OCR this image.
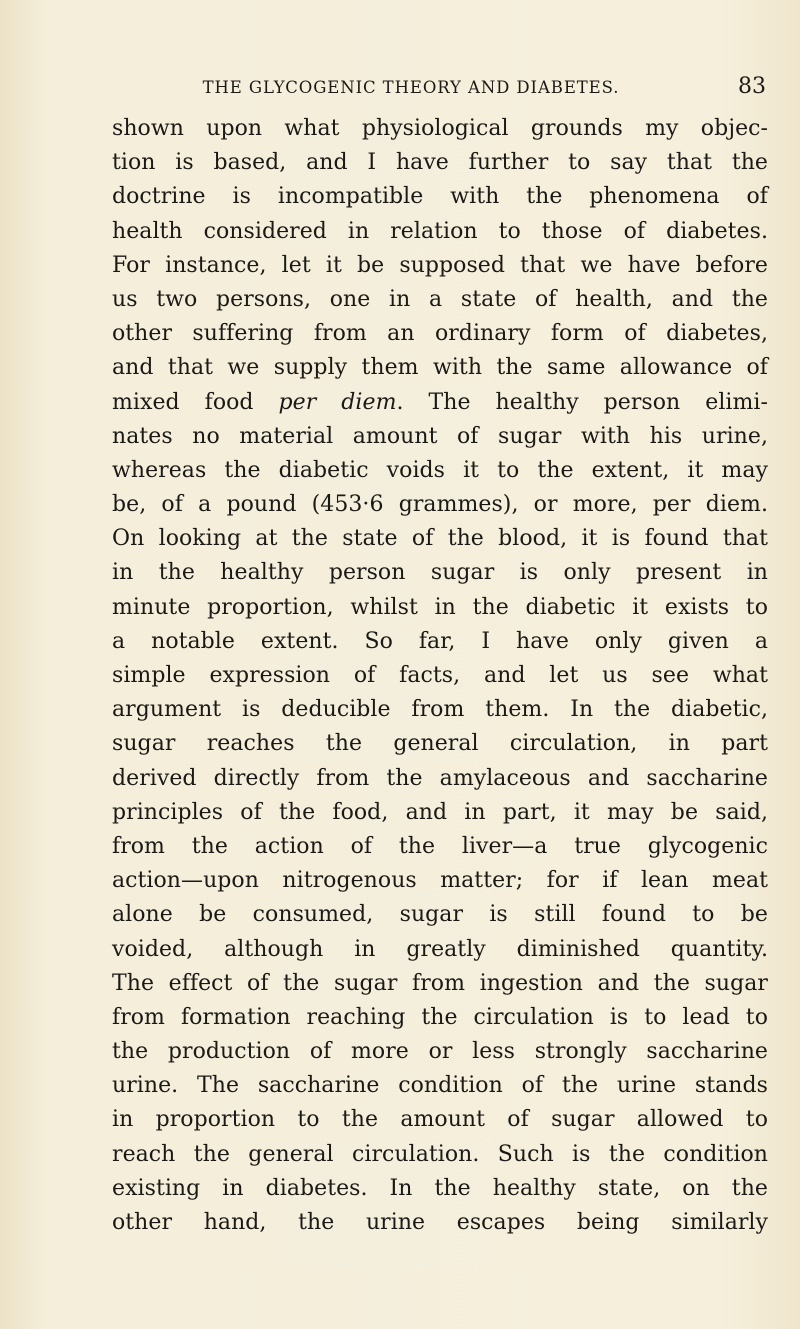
THE GLYCOGENIC THEORY AND DIABETES.	83
shown upon what physiological grounds my objec-
tion is based, and I have further to say that the
doctrine is incompatible with the phenomena of
health considered in relation to those of diabetes.
For instance, let it be supposed that we have before
us two persons, one in a state of health, and the
other suffering from an ordinary form of diabetes,
and that we supply them with the same allowance of
mixed food per diem. The healthy person elimi-
nates no material amount of sugar with his urine,
whereas the diabetic voids it to the extent, it may
be, of a pound (453·6 grammes), or more, per diem.
On looking at the state of the blood, it is found that
in the healthy person sugar is only present in
minute proportion, whilst in the diabetic it exists to
a notable extent. So far, I have only given a
simple expression of facts, and let us see what
argument is deducible from them. In the diabetic,
sugar reaches the general circulation, in part
derived directly from the amylaceous and saccharine
principles of the food, and in part, it may be said,
from the action of the liver—a true glycogenic
action—upon nitrogenous matter; for if lean meat
alone be consumed, sugar is still found to be
voided, although in greatly diminished quantity.
The effect of the sugar from ingestion and the sugar
from formation reaching the circulation is to lead to
the production of more or less strongly saccharine
urine. The saccharine condition of the urine stands
in proportion to the amount of sugar allowed to
reach the general circulation. Such is the condition
existing in diabetes. In the healthy state, on the
other hand, the urine escapes being similarly
